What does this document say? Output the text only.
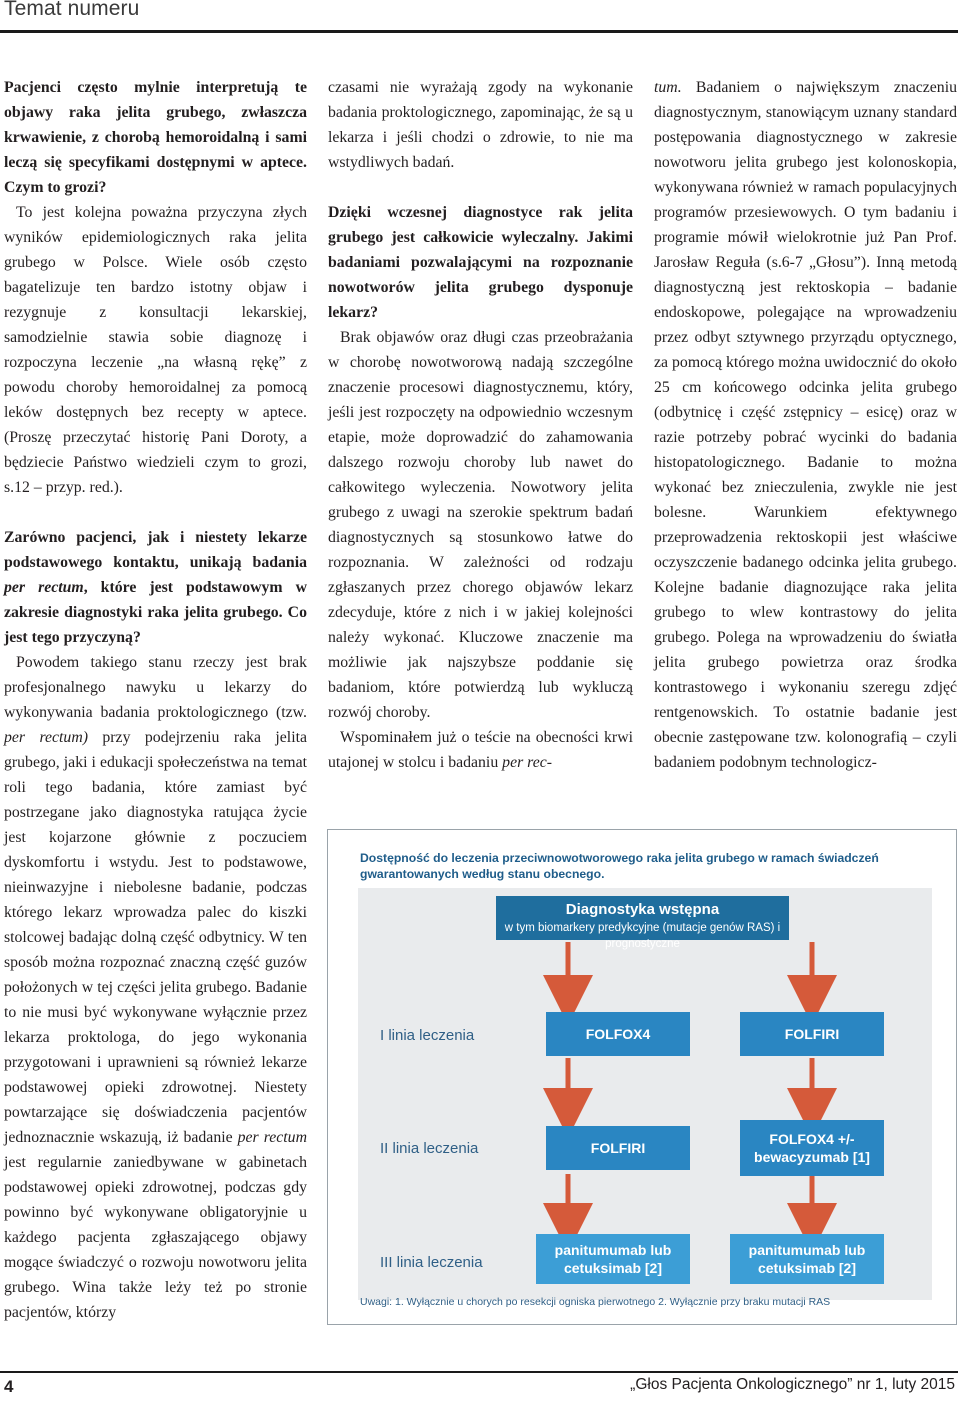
Temat numeru

Pacjenci często mylnie interpretują te objawy raka jelita grubego, zwłaszcza krwawienie, z chorobą hemoroidalną i sami leczą się specyfikami dostępnymi w aptece. Czym to grozi?

To jest kolejna poważna przyczyna złych wyników epidemiologicznych raka jelita grubego w Polsce. Wiele osób często bagatelizuje ten bardzo istotny objaw i rezygnuje z konsultacji lekarskiej, samodzielnie stawia sobie diagnozę i rozpoczyna leczenie „na własną rękę” z powodu choroby hemoroidalnej za pomocą leków dostępnych bez recepty w aptece. (Proszę przeczytać historię Pani Doroty, a będziecie Państwo wiedzieli czym to grozi, s.12 – przyp. red.).

Zarówno pacjenci, jak i niestety lekarze podstawowego kontaktu, unikają badania per rectum, które jest podstawowym w zakresie diagnostyki raka jelita grubego. Co jest tego przyczyną?

Powodem takiego stanu rzeczy jest brak profesjonalnego nawyku u lekarzy do wykonywania badania proktologicznego (tzw. per rectum) przy podejrzeniu raka jelita grubego, jaki i edukacji społeczeństwa na temat roli tego badania, które zamiast być postrzegane jako diagnostyka ratująca życie jest kojarzone głównie z poczuciem dyskomfortu i wstydu. Jest to podstawowe, nieinwazyjne i niebolesne badanie, podczas którego lekarz wprowadza palec do kiszki stolcowej badając dolną część odbytnicy. W ten sposób można rozpoznać znaczną część guzów położonych w tej części jelita grubego. Badanie to nie musi być wykonywane wyłącznie przez lekarza proktologa, do jego wykonania przygotowani i uprawnieni są również lekarze podstawowej opieki zdrowotnej. Niestety powtarzające się doświadczenia pacjentów jednoznacznie wskazują, iż badanie per rectum jest regularnie zaniedbywane w gabinetach podstawowej opieki zdrowotnej, podczas gdy powinno być wykonywane obligatoryjnie u każdego pacjenta zgłaszającego objawy mogące świadczyć o rozwoju nowotworu jelita grubego. Wina także leży też po stronie pacjentów, którzy

czasami nie wyrażają zgody na wykonanie badania proktologicznego, zapominając, że są u lekarza i jeśli chodzi o zdrowie, to nie ma wstydliwych badań.

Dzięki wczesnej diagnostyce rak jelita grubego jest całkowicie wyleczalny. Jakimi badaniami pozwalającymi na rozpoznanie nowotworów jelita grubego dysponuje lekarz?

Brak objawów oraz długi czas przeobrażania w chorobę nowotworową nadają szczególne znaczenie procesowi diagnostycznemu, który, jeśli jest rozpoczęty na odpowiednio wczesnym etapie, może doprowadzić do zahamowania dalszego rozwoju choroby lub nawet do całkowitego wyleczenia. Nowotwory jelita grubego z uwagi na szerokie spektrum badań diagnostycznych są stosunkowo łatwe do rozpoznania. W zależności od rodzaju zgłaszanych przez chorego objawów lekarz zdecyduje, które z nich i w jakiej kolejności należy wykonać. Kluczowe znaczenie ma możliwie jak najszybsze poddanie się badaniom, które potwierdzą lub wykluczą rozwój choroby.

Wspominałem już o teście na obecności krwi utajonej w stolcu i badaniu per rec-

tum. Badaniem o największym znaczeniu diagnostycznym, stanowiącym uznany standard postępowania diagnostycznego w zakresie nowotworu jelita grubego jest kolonoskopia, wykonywana również w ramach populacyjnych programów przesiewowych. O tym badaniu i programie mówił wielokrotnie już Pan Prof. Jarosław Reguła (s.6-7 „Głosu”). Inną metodą diagnostyczną jest rektoskopia – badanie endoskopowe, polegające na wprowadzeniu przez odbyt sztywnego przyrządu optycznego, za pomocą którego można uwidocznić do około 25 cm końcowego odcinka jelita grubego (odbytnicę i część zstępnicy – esicę) oraz w razie potrzeby pobrać wycinki do badania histopatologicznego. Badanie to można wykonać bez znieczulenia, zwykle nie jest bolesne. Warunkiem efektywnego przeprowadzenia rektoskopii jest właściwe oczyszczenie badanego odcinka jelita grubego. Kolejne badanie diagnozujące raka jelita grubego to wlew kontrastowy do jelita grubego. Polega na wprowadzeniu do światła jelita grubego powietrza oraz środka kontrastowego i wykonaniu szeregu zdjęć rentgenowskich. To ostatnie badanie jest obecnie zastępowane tzw. kolonografią – czyli badaniem podobnym technologicz-

Dostępność do leczenia przeciwnowotworowego raka jelita grubego w ramach świadczeń gwarantowanych według stanu obecnego.
Diagnostyka wstępna
w tym biomarkery predykcyjne (mutacje genów RAS) i prognostyczne
I linia leczenia
II linia leczenia
III linia leczenia
FOLFOX4	FOLFIRI
FOLFIRI
FOLFOX4 +/-
bewacyzumab [1]
panitumumab lub
cetuksimab [2]
panitumumab lub
cetuksimab [2]
Uwagi: 1. Wyłącznie u chorych po resekcji ogniska pierwotnego 2. Wyłącznie przy braku mutacji RAS
4	„Głos Pacjenta Onkologicznego” nr 1, luty 2015
